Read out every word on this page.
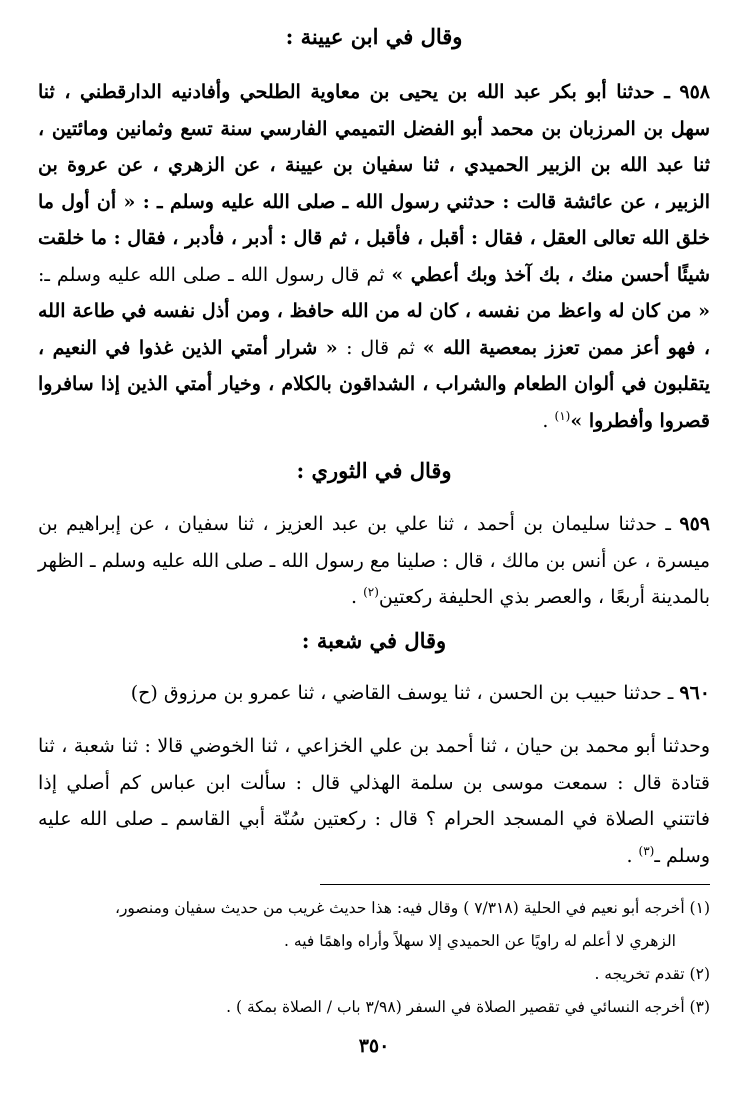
وقال في ابن عيينة :
٩٥٨ ـ حدثنا أبو بكر عبد الله بن يحيى بن معاوية الطلحي وأفادنيه الدارقطني ، ثنا سهل بن المرزبان بن محمد أبو الفضل التميمي الفارسي سنة تسع وثمانين ومائتين ، ثنا عبد الله بن الزبير الحميدي ، ثنا سفيان بن عيينة ، عن الزهري ، عن عروة بن الزبير ، عن عائشة قالت : حدثني رسول الله ـ صلى الله عليه وسلم ـ : « أن أول ما خلق الله تعالى العقل ، فقال : أقبل ، فأقبل ، ثم قال : أدبر ، فأدبر ، فقال : ما خلقت شيئًا أحسن منك ، بك آخذ وبك أعطي » ثم قال رسول الله ـ صلى الله عليه وسلم ـ: « من كان له واعظ من نفسه ، كان له من الله حافظ ، ومن أذل نفسه في طاعة الله ، فهو أعز ممن تعزز بمعصية الله » ثم قال : « شرار أمتي الذين غذوا في النعيم ، يتقلبون في ألوان الطعام والشراب ، الشداقون بالكلام ، وخيار أمتي الذين إذا سافروا قصروا وأفطروا »$^{(١)}$ .
وقال في الثوري :
٩٥٩ ـ حدثنا سليمان بن أحمد ، ثنا علي بن عبد العزيز ، ثنا سفيان ، عن إبراهيم بن ميسرة ، عن أنس بن مالك ، قال : صلينا مع رسول الله ـ صلى الله عليه وسلم ـ الظهر بالمدينة أربعًا ، والعصر بذي الحليفة ركعتين$^{(٢)}$ .
وقال في شعبة :
٩٦٠ ـ حدثنا حبيب بن الحسن ، ثنا يوسف القاضي ، ثنا عمرو بن مرزوق (ح)
وحدثنا أبو محمد بن حيان ، ثنا أحمد بن علي الخزاعي ، ثنا الخوضي قالا : ثنا شعبة ، ثنا قتادة قال : سمعت موسى بن سلمة الهذلي قال : سألت ابن عباس كم أصلي إذا فاتتني الصلاة في المسجد الحرام ؟ قال : ركعتين سُنّة أبي القاسم ـ صلى الله عليه وسلم ـ$^{(٣)}$ .

(١) أخرجه أبو نعيم في الحلية (٧/٣١٨ ) وقال فيه: هذا حديث غريب من حديث سفيان ومنصور،
الزهري لا أعلم له راويًا عن الحميدي إلا سهلاً وأراه واهمًا فيه .

(٢) تقدم تخريجه .

(٣) أخرجه النسائي في تقصير الصلاة في السفر (٣/٩٨ باب / الصلاة بمكة ) .

٣٥٠
